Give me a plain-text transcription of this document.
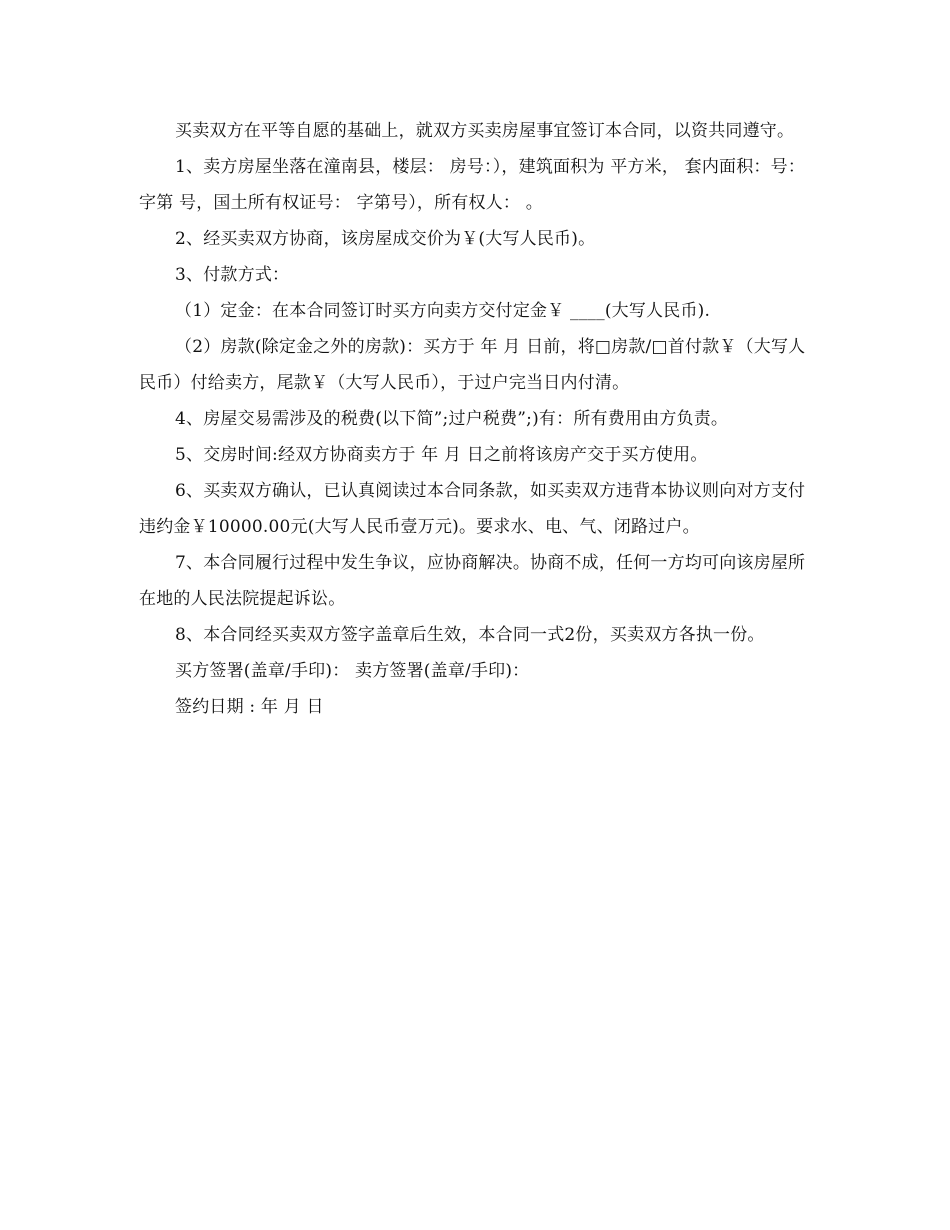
买卖双方在平等自愿的基础上，就双方买卖房屋事宜签订本合同，以资共同遵守。

1、卖方房屋坐落在潼南县，楼层： 房号：），建筑面积为 平方米， 套内面积：号： 字第 号，国土所有权证号： 字第号），所有权人： 。

2、经买卖双方协商，该房屋成交价为￥(大写人民币)。

3、付款方式：

（1）定金：在本合同签订时买方向卖方交付定金￥ ____(大写人民币).

（2）房款(除定金之外的房款)：买方于 年 月 日前，将□房款/□首付款￥（大写人民币）付给卖方，尾款￥（大写人民币），于过户完当日内付清。

4、房屋交易需涉及的税费(以下简”;过户税费”;)有：所有费用由方负责。

5、交房时间:经双方协商卖方于 年 月 日之前将该房产交于买方使用。

6、买卖双方确认，已认真阅读过本合同条款，如买卖双方违背本协议则向对方支付违约金￥10000.00元(大写人民币壹万元)。要求水、电、气、闭路过户。

7、本合同履行过程中发生争议，应协商解决。协商不成，任何一方均可向该房屋所在地的人民法院提起诉讼。

8、本合同经买卖双方签字盖章后生效，本合同一式2份，买卖双方各执一份。

买方签署(盖章/手印)： 卖方签署(盖章/手印)：

签约日期 : 年 月 日
